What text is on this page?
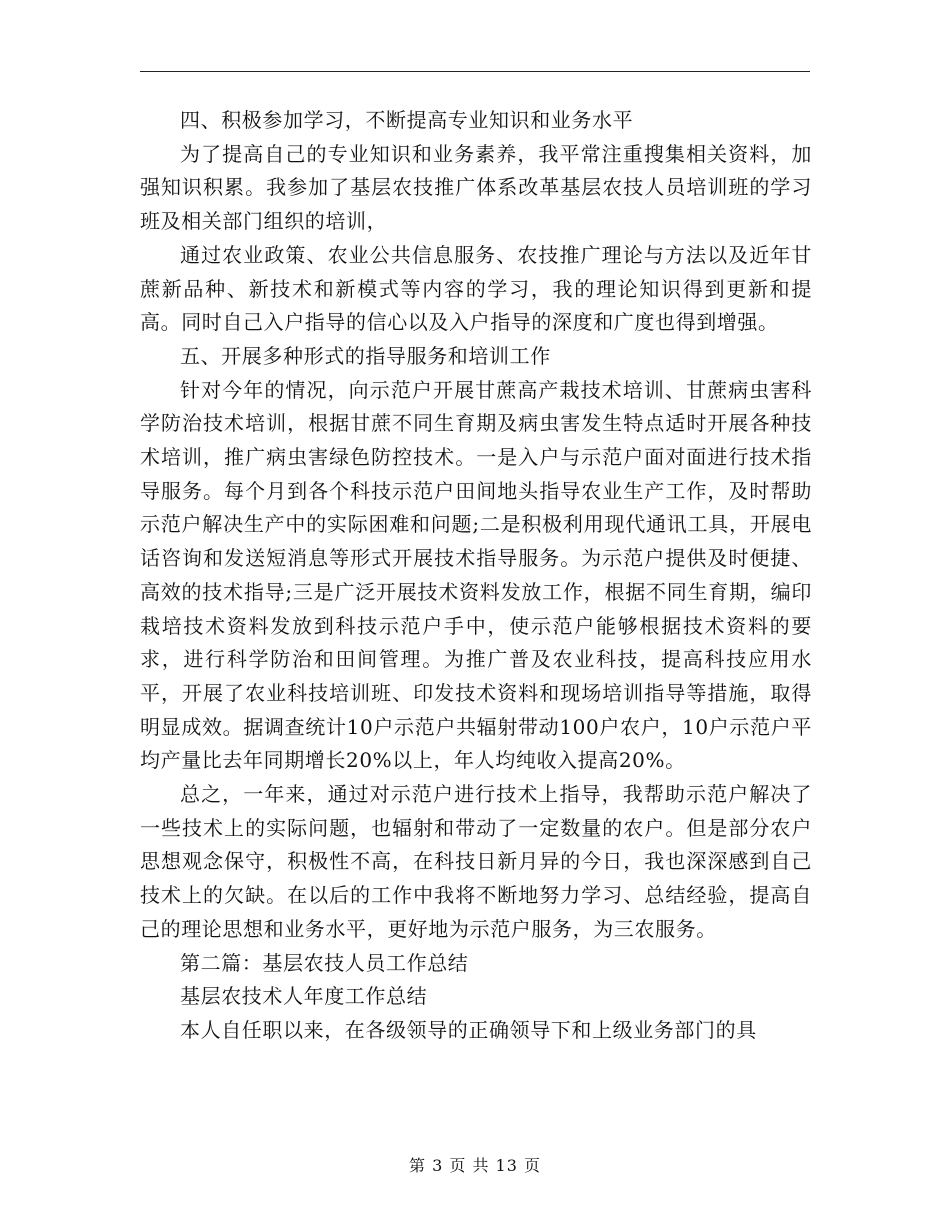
四、积极参加学习，不断提高专业知识和业务水平

为了提高自己的专业知识和业务素养，我平常注重搜集相关资料，加强知识积累。我参加了基层农技推广体系改革基层农技人员培训班的学习班及相关部门组织的培训，

通过农业政策、农业公共信息服务、农技推广理论与方法以及近年甘蔗新品种、新技术和新模式等内容的学习，我的理论知识得到更新和提高。同时自己入户指导的信心以及入户指导的深度和广度也得到增强。

五、开展多种形式的指导服务和培训工作

针对今年的情况，向示范户开展甘蔗高产栽技术培训、甘蔗病虫害科学防治技术培训，根据甘蔗不同生育期及病虫害发生特点适时开展各种技术培训，推广病虫害绿色防控技术。一是入户与示范户面对面进行技术指导服务。每个月到各个科技示范户田间地头指导农业生产工作，及时帮助示范户解决生产中的实际困难和问题;二是积极利用现代通讯工具，开展电话咨询和发送短消息等形式开展技术指导服务。为示范户提供及时便捷、高效的技术指导;三是广泛开展技术资料发放工作，根据不同生育期，编印栽培技术资料发放到科技示范户手中，使示范户能够根据技术资料的要求，进行科学防治和田间管理。为推广普及农业科技，提高科技应用水平，开展了农业科技培训班、印发技术资料和现场培训指导等措施，取得明显成效。据调查统计10户示范户共辐射带动100户农户，10户示范户平均产量比去年同期增长20%以上，年人均纯收入提高20%。

总之，一年来，通过对示范户进行技术上指导，我帮助示范户解决了一些技术上的实际问题，也辐射和带动了一定数量的农户。但是部分农户思想观念保守，积极性不高，在科技日新月异的今日，我也深深感到自己技术上的欠缺。在以后的工作中我将不断地努力学习、总结经验，提高自己的理论思想和业务水平，更好地为示范户服务，为三农服务。

第二篇：基层农技人员工作总结

基层农技术人年度工作总结

本人自任职以来，在各级领导的正确领导下和上级业务部门的具

第 3 页 共 13 页
